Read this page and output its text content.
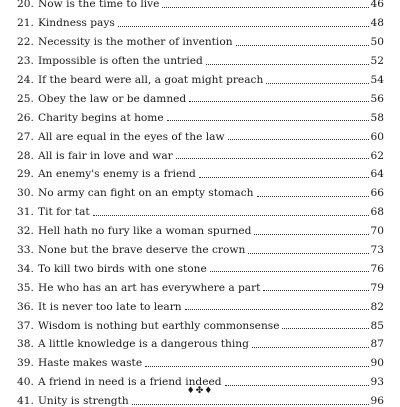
20. Now is the time to live	46
21. Kindness pays	48
22. Necessity is the mother of invention	50
23. Impossible is often the untried	52
24. If the beard were all, a goat might preach	54
25. Obey the law or be damned	56
26. Charity begins at home	58
27. All are equal in the eyes of the law	60
28. All is fair in love and war	62
29. An enemy's enemy is a friend	64
30. No army can fight on an empty stomach	66
31. Tit for tat	68
32. Hell hath no fury like a woman spurned	70
33. None but the brave deserve the crown	73
34. To kill two birds with one stone	76
35. He who has an art has everywhere a part	79
36. It is never too late to learn	82
37. Wisdom is nothing but earthly commonsense	85
38. A little knowledge is a dangerous thing	87
39. Haste makes waste	90
40. A friend in need is a friend indeed	93
41. Unity is strength	96
♦✤♦
